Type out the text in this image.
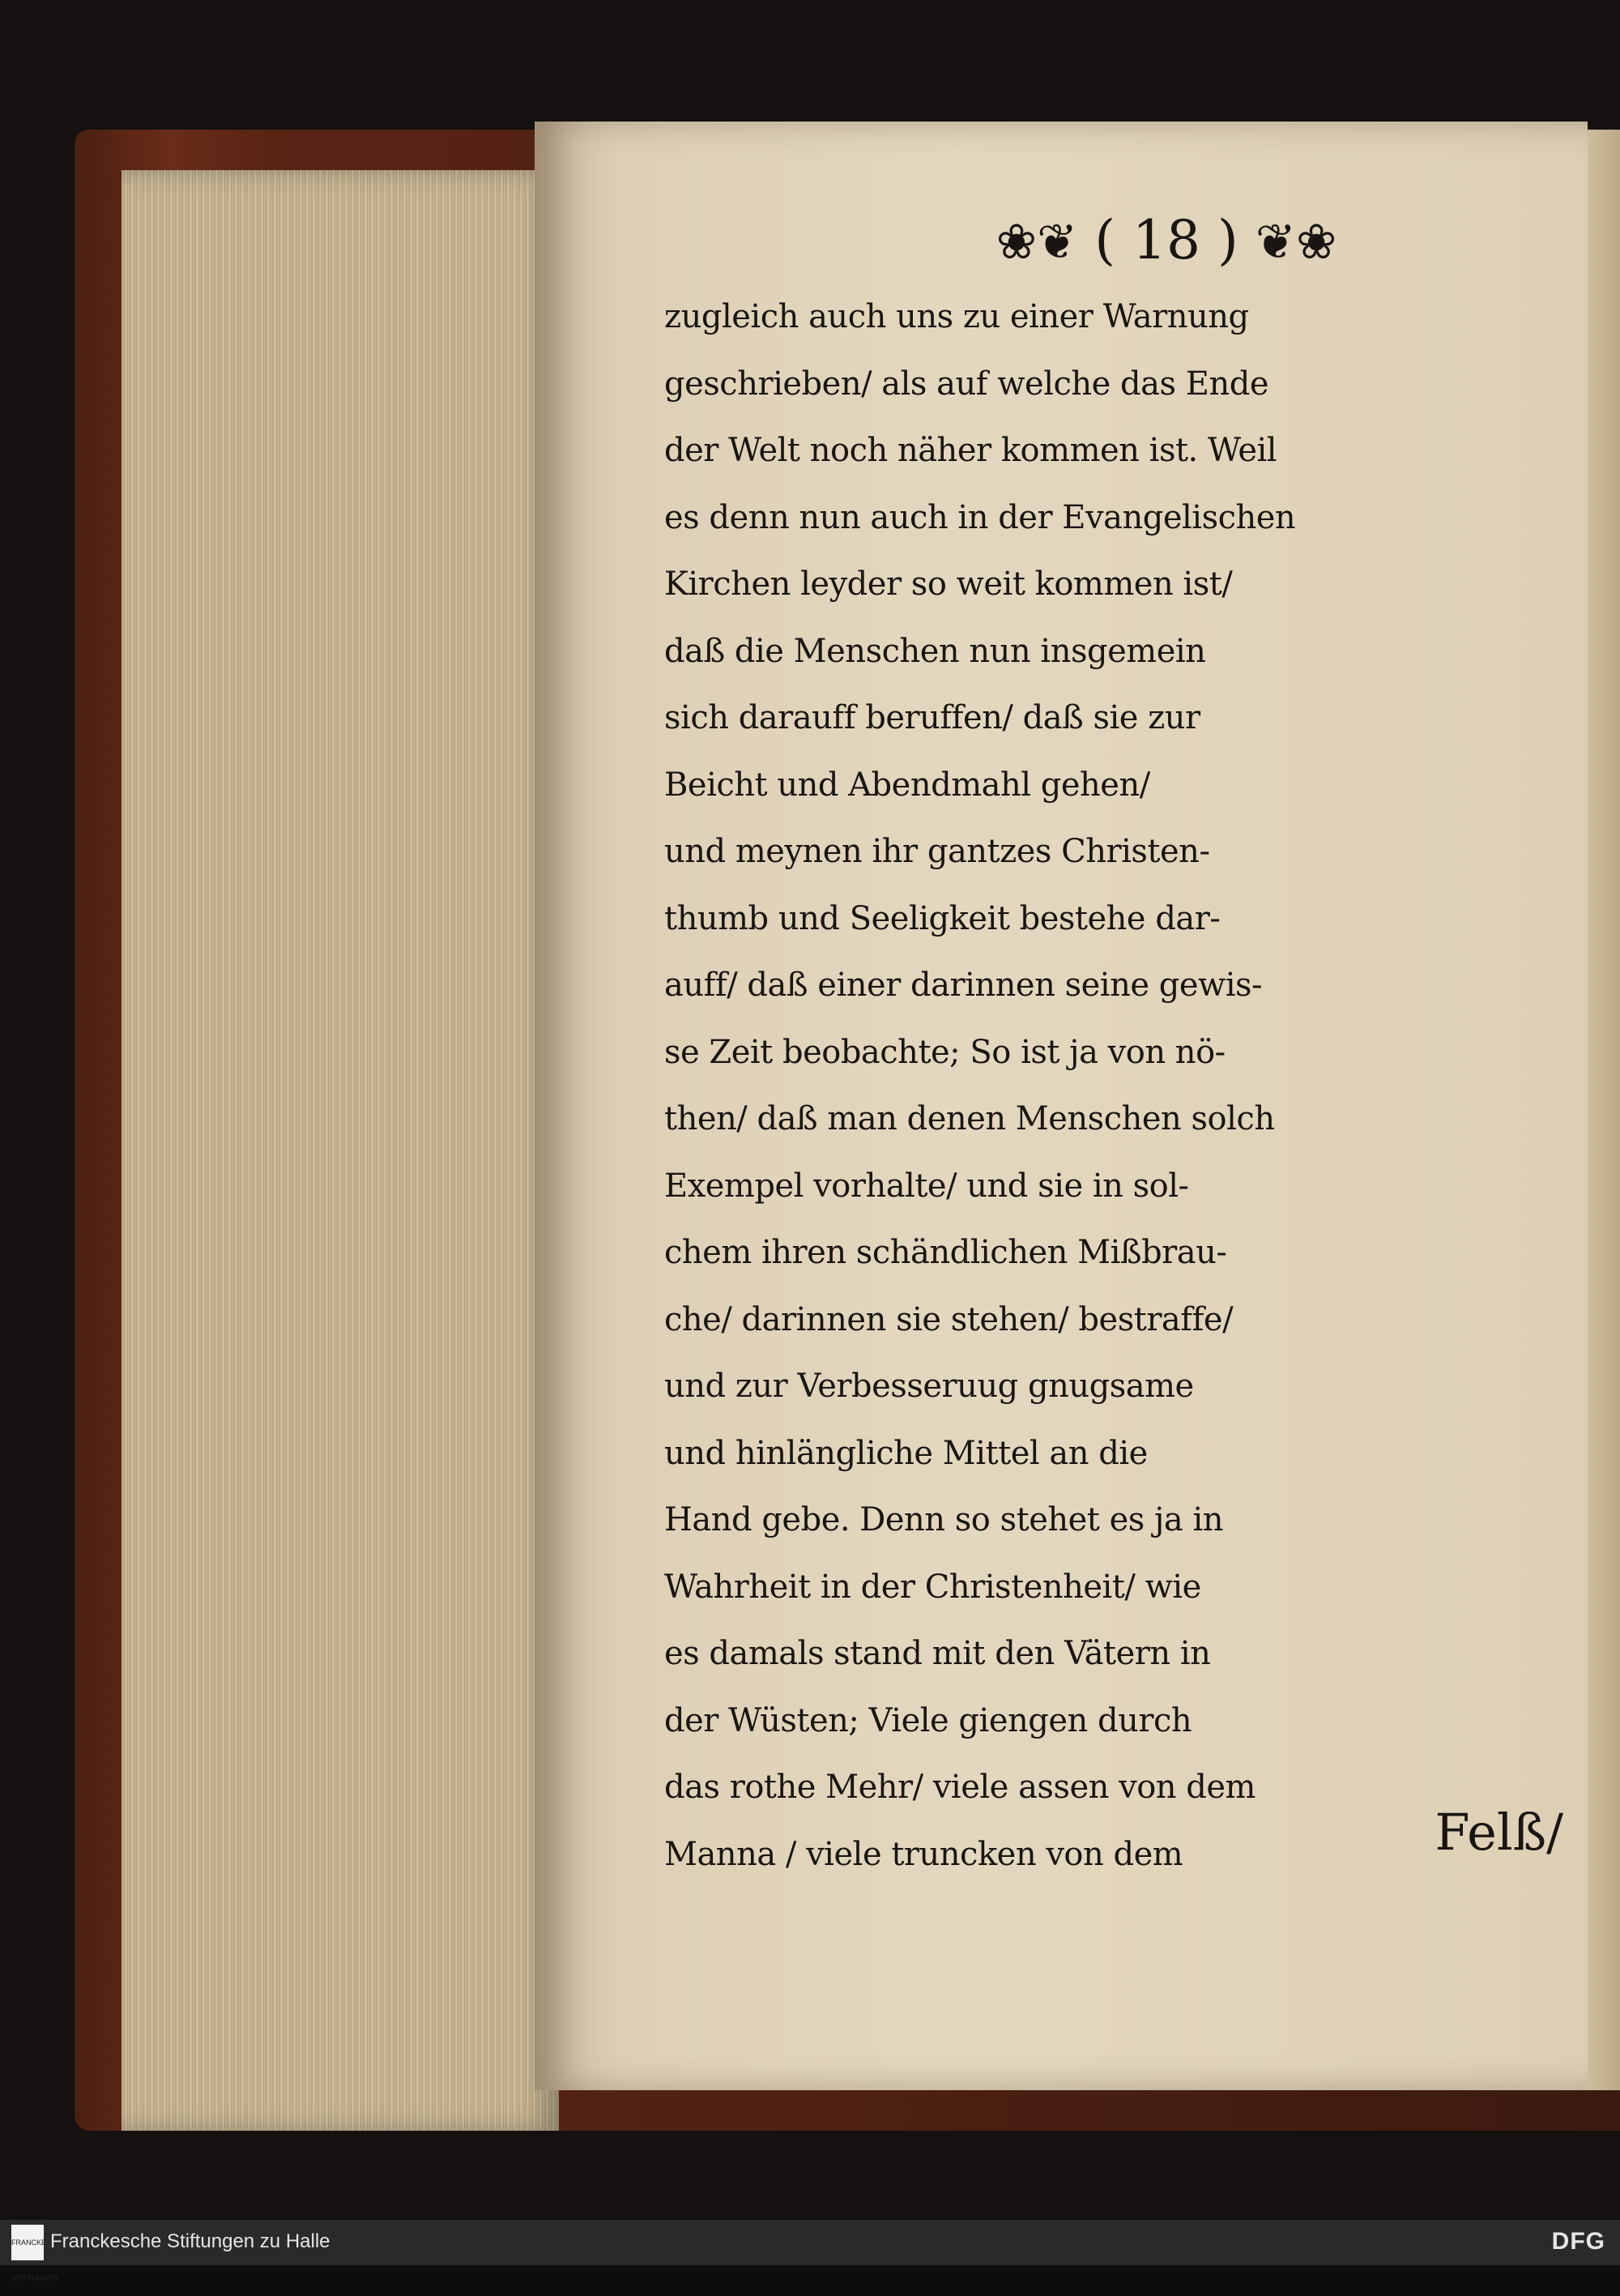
❀❦ ( 18 ) ❦❀
zugleich auch uns zu einer Warnung
geschrieben/ als auf welche das Ende
der Welt noch näher kommen ist. Weil
es denn nun auch in der Evangelischen
Kirchen leyder so weit kommen ist/
daß die Menschen nun insgemein
sich darauff beruffen/ daß sie zur
Beicht und Abendmahl gehen/
und meynen ihr gantzes Christen-
thumb und Seeligkeit bestehe dar-
auff/ daß einer darinnen seine gewis-
se Zeit beobachte; So ist ja von nö-
then/ daß man denen Menschen solch
Exempel vorhalte/ und sie in sol-
chem ihren schändlichen Mißbrau-
che/ darinnen sie stehen/ bestraffe/
und zur Verbesseruug gnugsame
und hinlängliche Mittel an die
Hand gebe. Denn so stehet es ja in
Wahrheit in der Christenheit/ wie
es damals stand mit den Vätern in
der Wüsten; Viele giengen durch
das rothe Mehr/ viele assen von dem
Manna / viele truncken von dem	Felß/
FRANCKESCHE STIFTUNGEN
Franckesche Stiftungen zu Halle	DFG
